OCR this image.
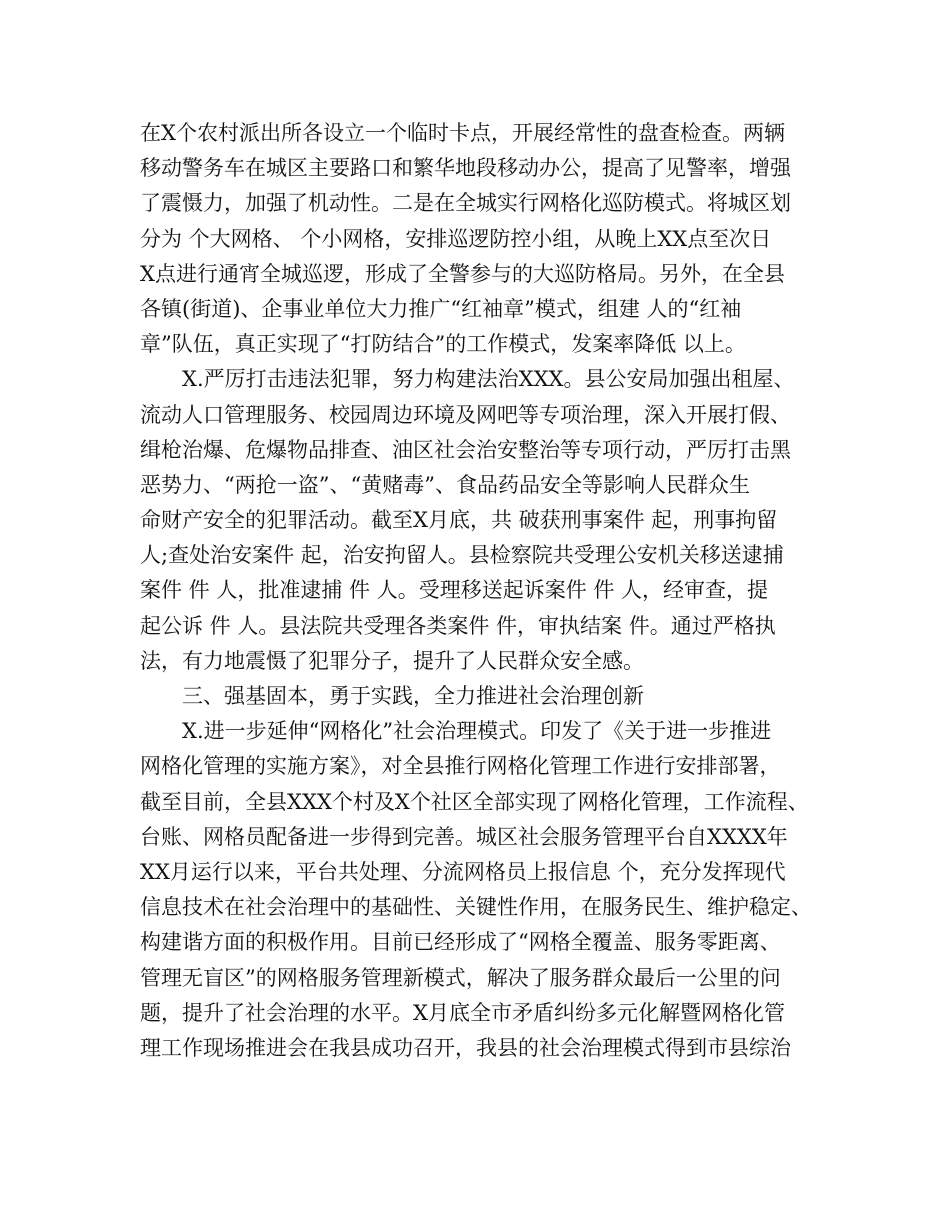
在X个农村派出所各设立一个临时卡点，开展经常性的盘查检查。两辆
移动警务车在城区主要路口和繁华地段移动办公，提高了见警率，增强
了震慑力，加强了机动性。二是在全城实行网格化巡防模式。将城区划
分为 个大网格、 个小网格，安排巡逻防控小组，从晚上XX点至次日
X点进行通宵全城巡逻，形成了全警参与的大巡防格局。另外，在全县
各镇(街道)、企事业单位大力推广“红袖章”模式，组建 人的“红袖
章”队伍，真正实现了“打防结合”的工作模式，发案率降低 以上。
X.严厉打击违法犯罪，努力构建法治XXX。县公安局加强出租屋、
流动人口管理服务、校园周边环境及网吧等专项治理，深入开展打假、
缉枪治爆、危爆物品排查、油区社会治安整治等专项行动，严厉打击黑
恶势力、“两抢一盗”、“黄赌毒”、食品药品安全等影响人民群众生
命财产安全的犯罪活动。截至X月底，共 破获刑事案件 起，刑事拘留
人;查处治安案件 起，治安拘留人。县检察院共受理公安机关移送逮捕
案件 件 人，批准逮捕 件 人。受理移送起诉案件 件 人，经审查，提
起公诉 件 人。县法院共受理各类案件 件，审执结案 件。通过严格执
法，有力地震慑了犯罪分子，提升了人民群众安全感。
三、强基固本，勇于实践，全力推进社会治理创新
X.进一步延伸“网格化”社会治理模式。印发了《关于进一步推进
网格化管理的实施方案》，对全县推行网格化管理工作进行安排部署，
截至目前，全县XXX个村及X个社区全部实现了网格化管理，工作流程、
台账、网格员配备进一步得到完善。城区社会服务管理平台自XXXX年
XX月运行以来，平台共处理、分流网格员上报信息 个，充分发挥现代
信息技术在社会治理中的基础性、关键性作用，在服务民生、维护稳定、
构建谐方面的积极作用。目前已经形成了“网格全覆盖、服务零距离、
管理无盲区”的网格服务管理新模式，解决了服务群众最后一公里的问
题，提升了社会治理的水平。X月底全市矛盾纠纷多元化解暨网格化管
理工作现场推进会在我县成功召开，我县的社会治理模式得到市县综治
